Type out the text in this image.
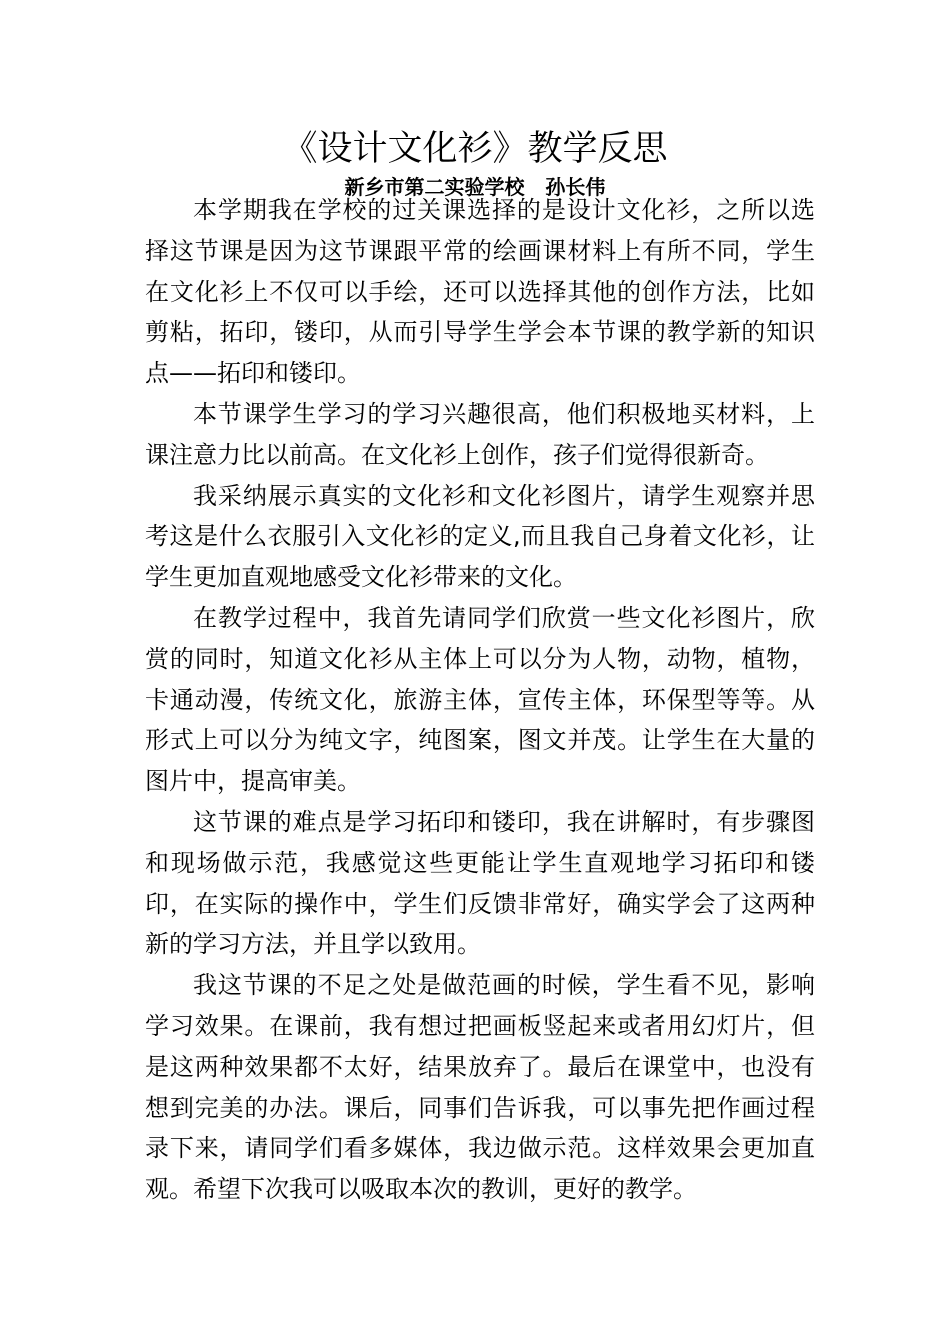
《设计文化衫》教学反思
新乡市第二实验学校   孙长伟

本学期我在学校的过关课选择的是设计文化衫，之所以选择这节课是因为这节课跟平常的绘画课材料上有所不同，学生在文化衫上不仅可以手绘，还可以选择其他的创作方法，比如剪粘，拓印，镂印，从而引导学生学会本节课的教学新的知识点——拓印和镂印。

本节课学生学习的学习兴趣很高，他们积极地买材料，上课注意力比以前高。在文化衫上创作，孩子们觉得很新奇。

我采纳展示真实的文化衫和文化衫图片，请学生观察并思考这是什么衣服引入文化衫的定义,而且我自己身着文化衫，让学生更加直观地感受文化衫带来的文化。

在教学过程中，我首先请同学们欣赏一些文化衫图片，欣赏的同时，知道文化衫从主体上可以分为人物，动物，植物，卡通动漫，传统文化，旅游主体，宣传主体，环保型等等。从形式上可以分为纯文字，纯图案，图文并茂。让学生在大量的图片中，提高审美。

这节课的难点是学习拓印和镂印，我在讲解时，有步骤图和现场做示范，我感觉这些更能让学生直观地学习拓印和镂印，在实际的操作中，学生们反馈非常好，确实学会了这两种新的学习方法，并且学以致用。

我这节课的不足之处是做范画的时候，学生看不见，影响学习效果。在课前，我有想过把画板竖起来或者用幻灯片，但是这两种效果都不太好，结果放弃了。最后在课堂中，也没有想到完美的办法。课后，同事们告诉我，可以事先把作画过程录下来，请同学们看多媒体，我边做示范。这样效果会更加直观。希望下次我可以吸取本次的教训，更好的教学。
